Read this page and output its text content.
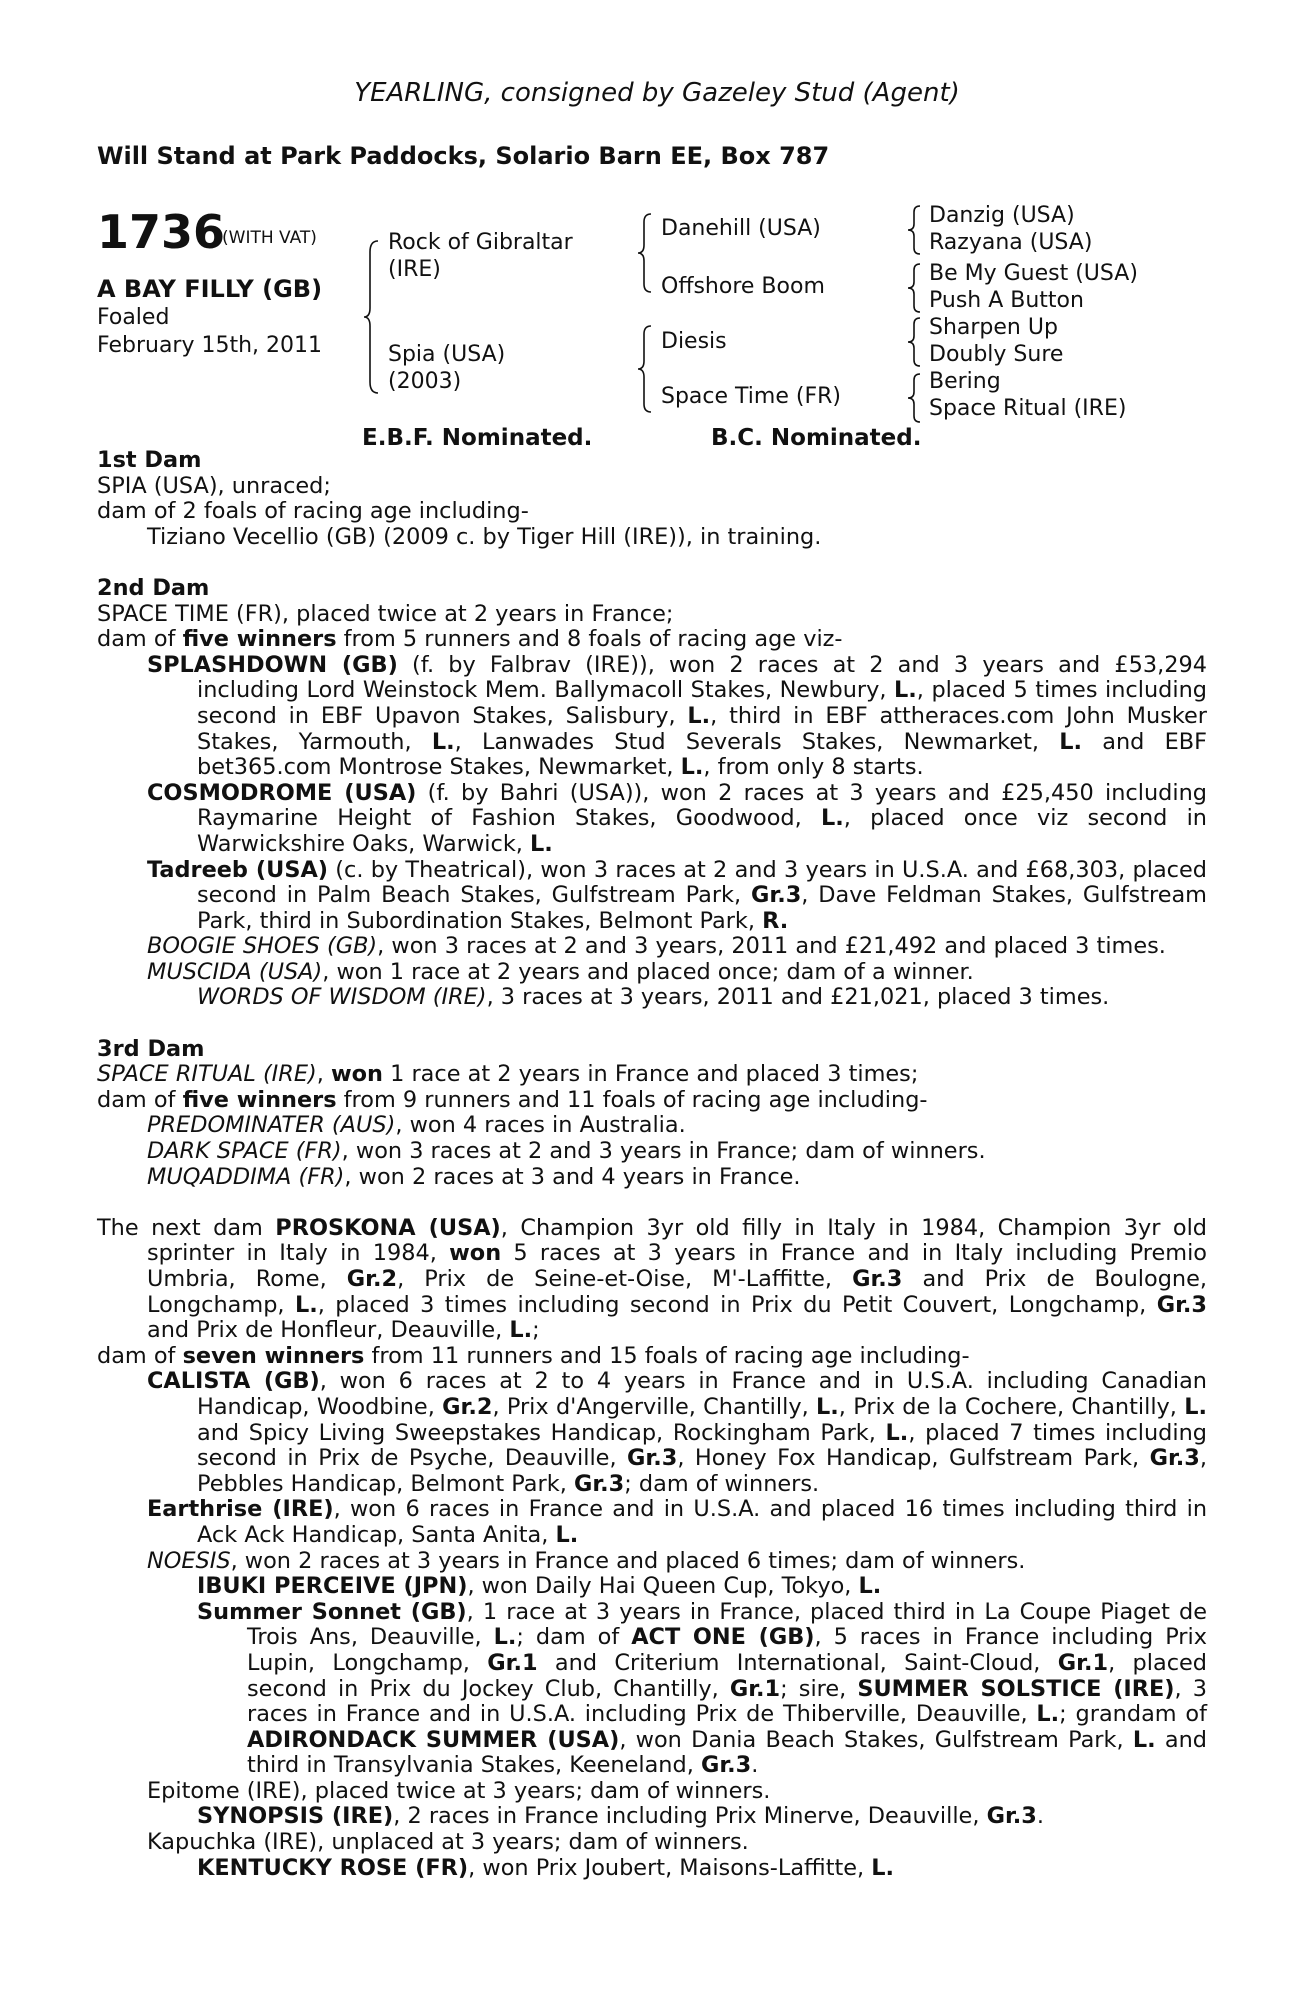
YEARLING, consigned by Gazeley Stud (Agent)
Will Stand at Park Paddocks, Solario Barn EE, Box 787
1736
(WITH VAT)
A BAY FILLY (GB)
Foaled
February 15th, 2011
Rock of Gibraltar
(IRE)
Spia (USA)
(2003)
Danehill (USA)
Offshore Boom
Diesis
Space Time (FR)
Danzig (USA)
Razyana (USA)
Be My Guest (USA)
Push A Button
Sharpen Up
Doubly Sure
Bering
Space Ritual (IRE)
E.B.F. Nominated.	B.C. Nominated.

1st Dam

SPIA (USA), unraced;

dam of 2 foals of racing age including-

Tiziano Vecellio (GB) (2009 c. by Tiger Hill (IRE)), in training.

2nd Dam

SPACE TIME (FR), placed twice at 2 years in France;

dam of five winners from 5 runners and 8 foals of racing age viz-

SPLASHDOWN (GB) (f. by Falbrav (IRE)), won 2 races at 2 and 3 years and £53,294 including Lord Weinstock Mem. Ballymacoll Stakes, Newbury, L., placed 5 times including second in EBF Upavon Stakes, Salisbury, L., third in EBF attheraces.com John Musker Stakes, Yarmouth, L., Lanwades Stud Severals Stakes, Newmarket, L. and EBF bet365.com Montrose Stakes, Newmarket, L., from only 8 starts.

COSMODROME (USA) (f. by Bahri (USA)), won 2 races at 3 years and £25,450 including Raymarine Height of Fashion Stakes, Goodwood, L., placed once viz second in Warwickshire Oaks, Warwick, L.

Tadreeb (USA) (c. by Theatrical), won 3 races at 2 and 3 years in U.S.A. and £68,303, placed second in Palm Beach Stakes, Gulfstream Park, Gr.3, Dave Feldman Stakes, Gulfstream Park, third in Subordination Stakes, Belmont Park, R.

BOOGIE SHOES (GB), won 3 races at 2 and 3 years, 2011 and £21,492 and placed 3 times.

MUSCIDA (USA), won 1 race at 2 years and placed once; dam of a winner.

WORDS OF WISDOM (IRE), 3 races at 3 years, 2011 and £21,021, placed 3 times.

3rd Dam

SPACE RITUAL (IRE), won 1 race at 2 years in France and placed 3 times;

dam of five winners from 9 runners and 11 foals of racing age including-

PREDOMINATER (AUS), won 4 races in Australia.

DARK SPACE (FR), won 3 races at 2 and 3 years in France; dam of winners.

MUQADDIMA (FR), won 2 races at 3 and 4 years in France.

The next dam PROSKONA (USA), Champion 3yr old filly in Italy in 1984, Champion 3yr old sprinter in Italy in 1984, won 5 races at 3 years in France and in Italy including Premio Umbria, Rome, Gr.2, Prix de Seine-et-Oise, M'-Laffitte, Gr.3 and Prix de Boulogne, Longchamp, L., placed 3 times including second in Prix du Petit Couvert, Longchamp, Gr.3 and Prix de Honfleur, Deauville, L.;

dam of seven winners from 11 runners and 15 foals of racing age including-

CALISTA (GB), won 6 races at 2 to 4 years in France and in U.S.A. including Canadian Handicap, Woodbine, Gr.2, Prix d'Angerville, Chantilly, L., Prix de la Cochere, Chantilly, L. and Spicy Living Sweepstakes Handicap, Rockingham Park, L., placed 7 times including second in Prix de Psyche, Deauville, Gr.3, Honey Fox Handicap, Gulfstream Park, Gr.3, Pebbles Handicap, Belmont Park, Gr.3; dam of winners.

Earthrise (IRE), won 6 races in France and in U.S.A. and placed 16 times including third in Ack Ack Handicap, Santa Anita, L.

NOESIS, won 2 races at 3 years in France and placed 6 times; dam of winners.

IBUKI PERCEIVE (JPN), won Daily Hai Queen Cup, Tokyo, L.

Summer Sonnet (GB), 1 race at 3 years in France, placed third in La Coupe Piaget de Trois Ans, Deauville, L.; dam of ACT ONE (GB), 5 races in France including Prix Lupin, Longchamp, Gr.1 and Criterium International, Saint-Cloud, Gr.1, placed second in Prix du Jockey Club, Chantilly, Gr.1; sire, SUMMER SOLSTICE (IRE), 3 races in France and in U.S.A. including Prix de Thiberville, Deauville, L.; grandam of ADIRONDACK SUMMER (USA), won Dania Beach Stakes, Gulfstream Park, L. and third in Transylvania Stakes, Keeneland, Gr.3.

Epitome (IRE), placed twice at 3 years; dam of winners.

SYNOPSIS (IRE), 2 races in France including Prix Minerve, Deauville, Gr.3.

Kapuchka (IRE), unplaced at 3 years; dam of winners.

KENTUCKY ROSE (FR), won Prix Joubert, Maisons-Laffitte, L.
